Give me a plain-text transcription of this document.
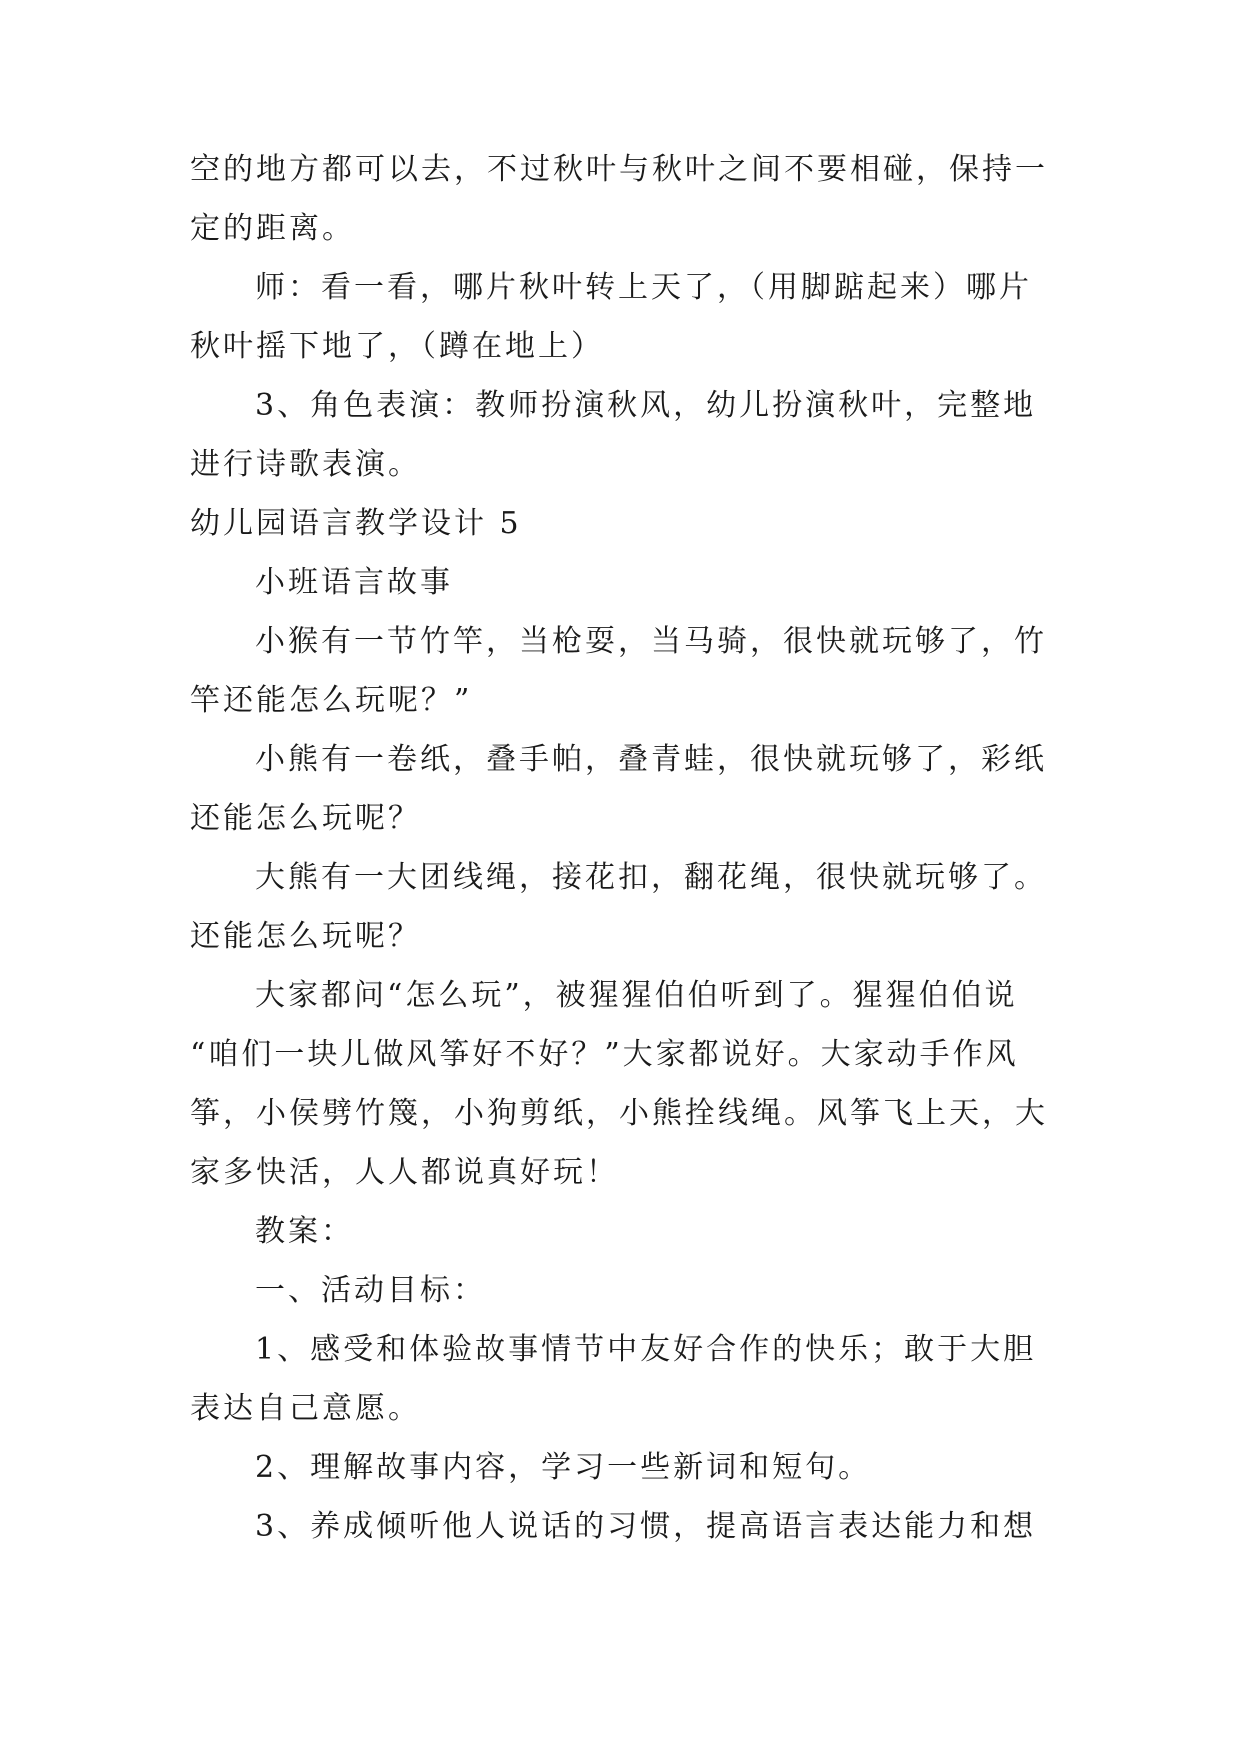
空的地方都可以去，不过秋叶与秋叶之间不要相碰，保持一
定的距离。
师：看一看，哪片秋叶转上天了，（用脚踮起来）哪片
秋叶摇下地了，（蹲在地上）
3、角色表演：教师扮演秋风，幼儿扮演秋叶，完整地
进行诗歌表演。
幼儿园语言教学设计 5
小班语言故事
小猴有一节竹竿，当枪耍，当马骑，很快就玩够了，竹
竿还能怎么玩呢？”
小熊有一卷纸，叠手帕，叠青蛙，很快就玩够了，彩纸
还能怎么玩呢？
大熊有一大团线绳，接花扣，翻花绳，很快就玩够了。
还能怎么玩呢？
大家都问“怎么玩”，被猩猩伯伯听到了。猩猩伯伯说
“咱们一块儿做风筝好不好？”大家都说好。大家动手作风
筝，小侯劈竹篾，小狗剪纸，小熊拴线绳。风筝飞上天，大
家多快活，人人都说真好玩！
教案：
一、活动目标：
1、感受和体验故事情节中友好合作的快乐；敢于大胆
表达自己意愿。
2、理解故事内容，学习一些新词和短句。
3、养成倾听他人说话的习惯，提高语言表达能力和想
